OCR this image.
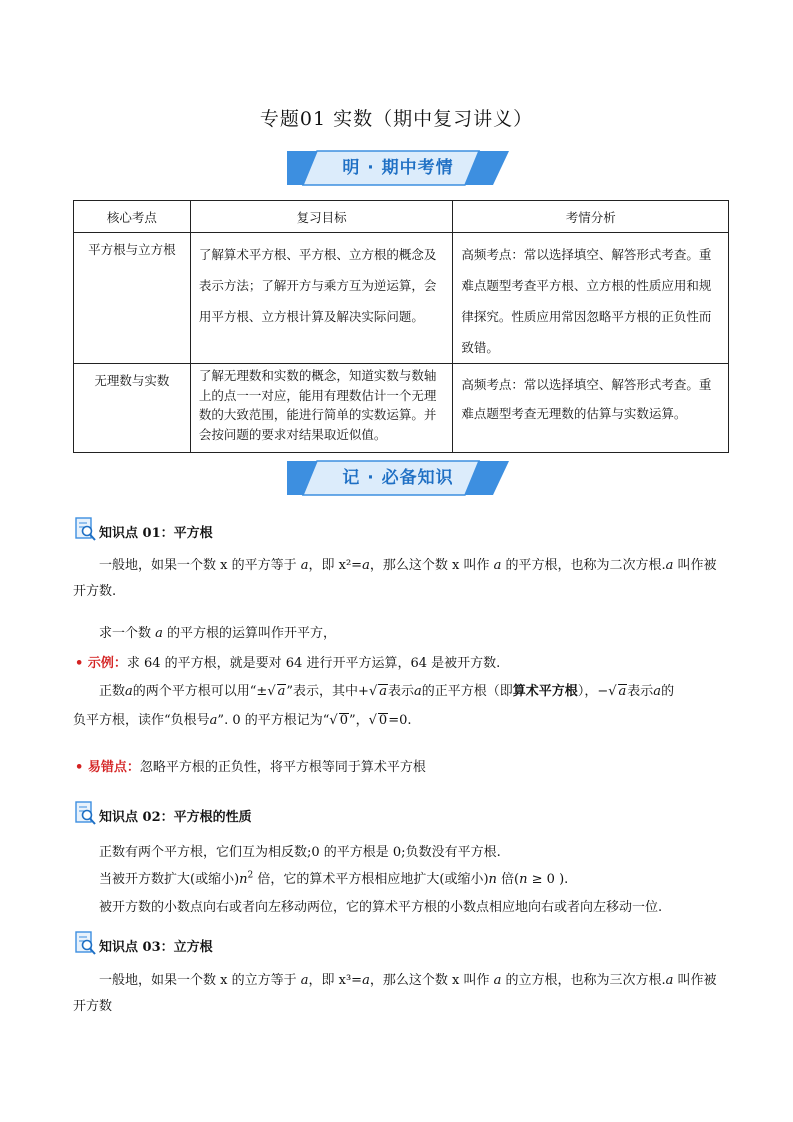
专题01 实数（期中复习讲义）
明 · 期中考情
核心考点	复习目标	考情分析
平方根与立方根	了解算术平方根、平方根、立方根的概念及表示方法；了解开方与乘方互为逆运算，会用平方根、立方根计算及解决实际问题。	高频考点：常以选择填空、解答形式考查。重难点题型考查平方根、立方根的性质应用和规律探究。性质应用常因忽略平方根的正负性而致错。
无理数与实数	了解无理数和实数的概念，知道实数与数轴上的点一一对应，能用有理数估计一个无理数的大致范围，能进行简单的实数运算。并会按问题的要求对结果取近似值。	高频考点：常以选择填空、解答形式考查。重难点题型考查无理数的估算与实数运算。
记 · 必备知识
知识点 01：平方根
一般地，如果一个数 x 的平方等于 a，即 x²=a，那么这个数 x 叫作 a 的平方根，也称为二次方根.a 叫作被开方数.
求一个数 a 的平方根的运算叫作开平方，
• 示例：求 64 的平方根，就是要对 64 进行开平方运算，64 是被开方数.
正数a的两个平方根可以用“±√ a”表示，其中+√ a表示a的正平方根（即算术平方根），−√ a表示a的
负平方根，读作“负根号a”. 0 的平方根记为“√ 0”，√ 0=0.
• 易错点：忽略平方根的正负性，将平方根等同于算术平方根
知识点 02：平方根的性质
正数有两个平方根，它们互为相反数;0 的平方根是 0;负数没有平方根.
当被开方数扩大(或缩小)$n^2$ 倍，它的算术平方根相应地扩大(或缩小)n 倍(n ≥ 0 ).
被开方数的小数点向右或者向左移动两位，它的算术平方根的小数点相应地向右或者向左移动一位.
知识点 03：立方根
一般地，如果一个数 x 的立方等于 a，即 x³=a，那么这个数 x 叫作 a 的立方根，也称为三次方根.a 叫作被开方数
